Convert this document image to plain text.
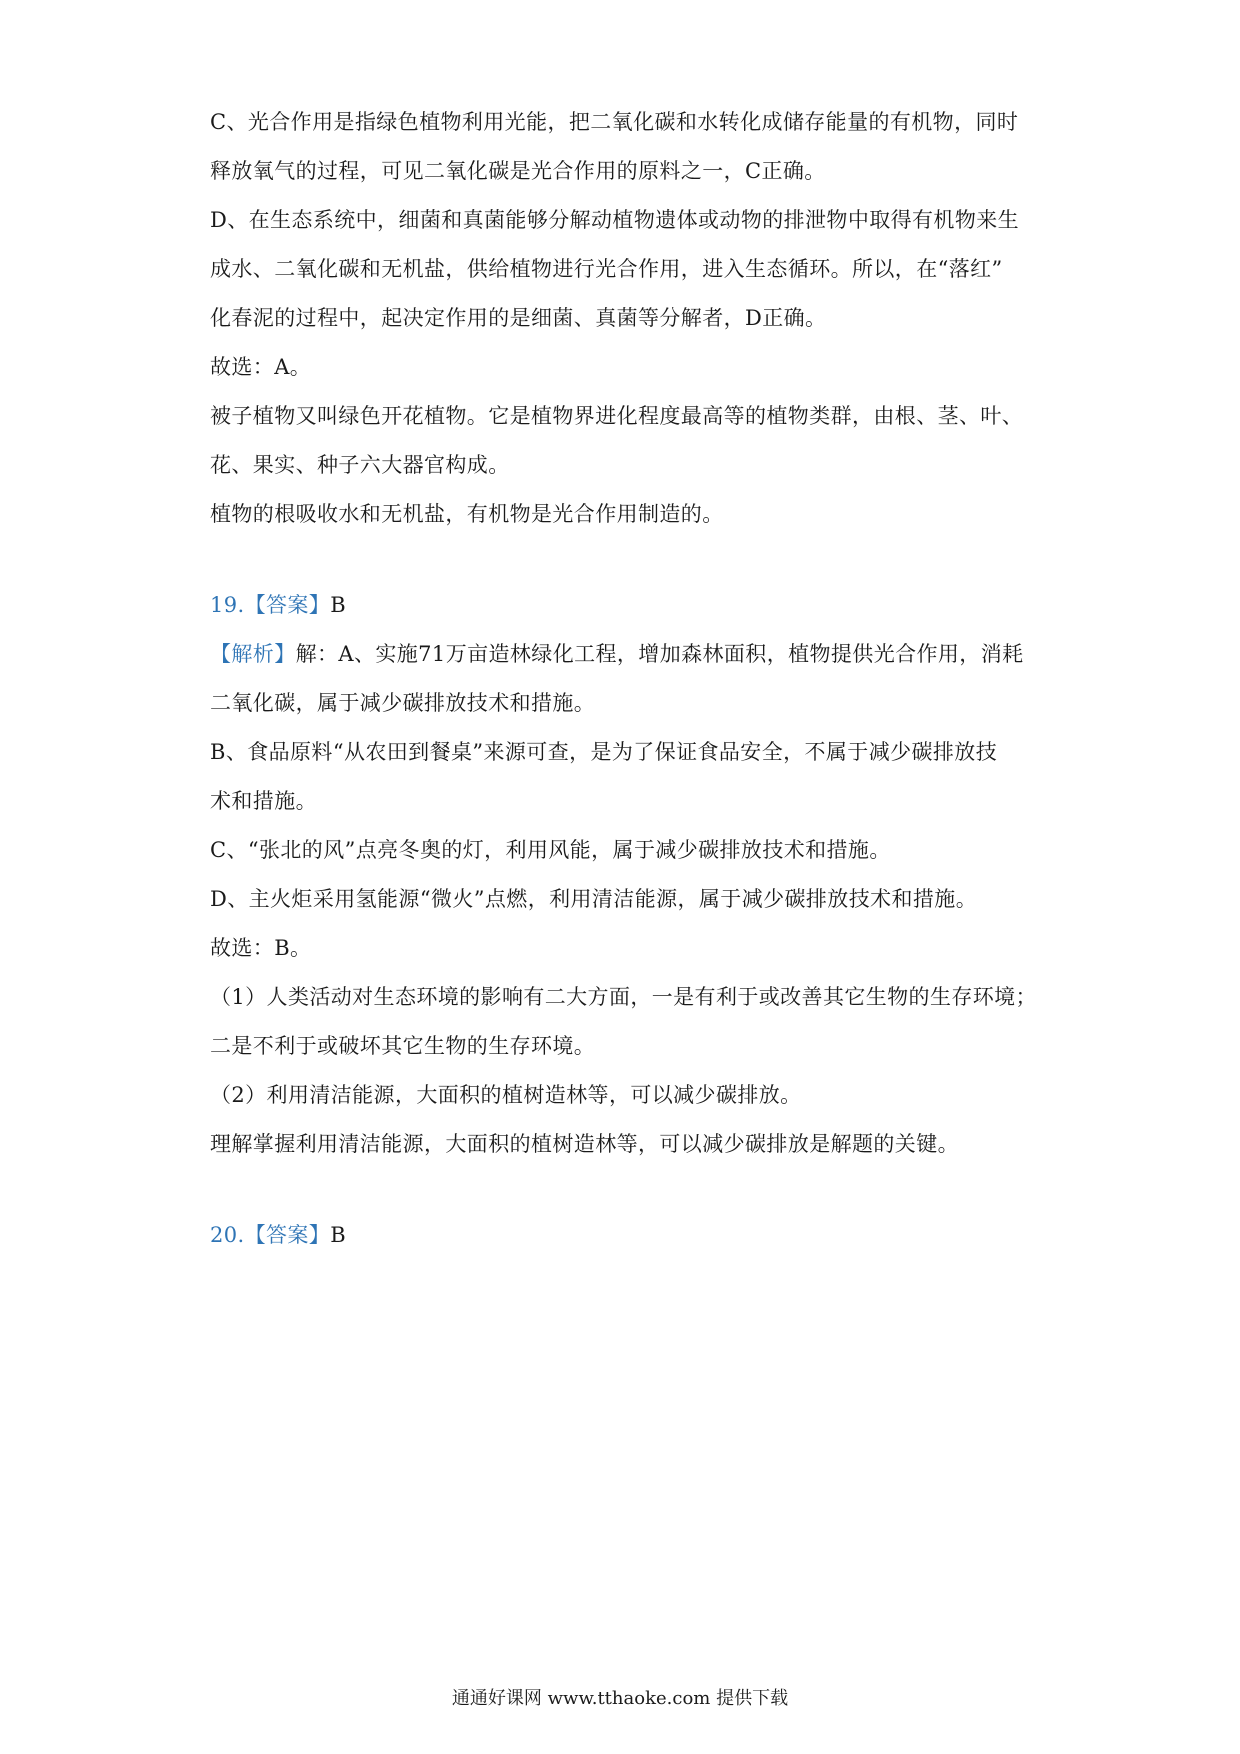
C、光合作用是指绿色植物利用光能，把二氧化碳和水转化成储存能量的有机物，同时
释放氧气的过程，可见二氧化碳是光合作用的原料之一，C正确。
D、在生态系统中，细菌和真菌能够分解动植物遗体或动物的排泄物中取得有机物来生
成水、二氧化碳和无机盐，供给植物进行光合作用，进入生态循环。所以，在“落红”
化春泥的过程中，起决定作用的是细菌、真菌等分解者，D正确。
故选：A。
被子植物又叫绿色开花植物。它是植物界进化程度最高等的植物类群，由根、茎、叶、
花、果实、种子六大器官构成。
植物的根吸收水和无机盐，有机物是光合作用制造的。
19.【答案】B
【解析】解：A、实施71万亩造林绿化工程，增加森林面积，植物提供光合作用，消耗
二氧化碳，属于减少碳排放技术和措施。
B、食品原料“从农田到餐桌”来源可查，是为了保证食品安全，不属于减少碳排放技
术和措施。
C、“张北的风”点亮冬奥的灯，利用风能，属于减少碳排放技术和措施。
D、主火炬采用氢能源“微火”点燃，利用清洁能源，属于减少碳排放技术和措施。
故选：B。
（1）人类活动对生态环境的影响有二大方面，一是有利于或改善其它生物的生存环境；
二是不利于或破坏其它生物的生存环境。
（2）利用清洁能源，大面积的植树造林等，可以减少碳排放。
理解掌握利用清洁能源，大面积的植树造林等，可以减少碳排放是解题的关键。
20.【答案】B
通通好课网 www.tthaoke.com 提供下载
